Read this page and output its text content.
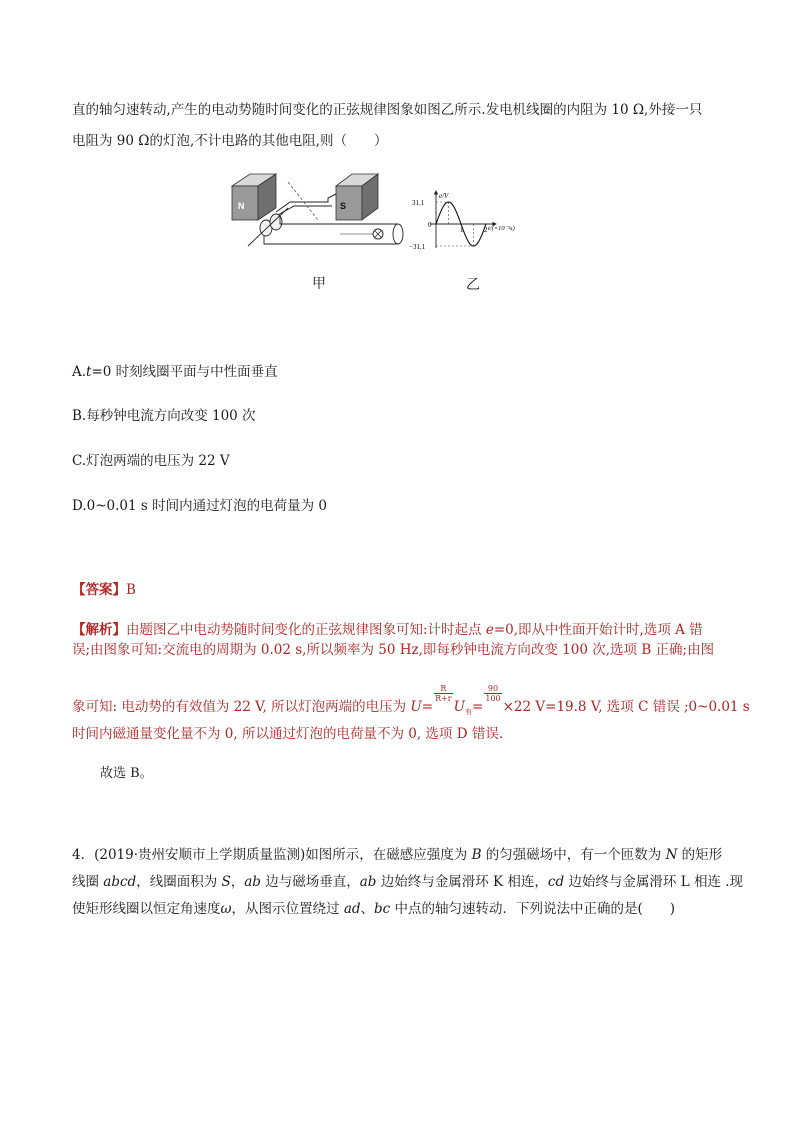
直的轴匀速转动,产生的电动势随时间变化的正弦规律图象如图乙所示.发电机线圈的内阻为 10 Ω,外接一只
电阻为 90 Ω的灯泡,不计电路的其他电阻,则（　　）
N	S
e/V
31.1
0
−31.1
1	2 t/(×10⁻²s)
甲	乙
A.t=0 时刻线圈平面与中性面垂直
B.每秒钟电流方向改变 100 次
C.灯泡两端的电压为 22 V
D.0~0.01 s 时间内通过灯泡的电荷量为 0
【答案】B
【解析】由题图乙中电动势随时间变化的正弦规律图象可知:计时起点 e=0,即从中性面开始计时,选项 A 错
误;由图象可知:交流电的周期为 0.02 s,所以频率为 50 Hz,即每秒钟电流方向改变 100 次,选项 B 正确;由图
象可知: 电动势的有效值为 22 V, 所以灯泡两端的电压为 U=
$\frac{R}{R+r}$
$U_有=$
$\frac{90}{100}$
×22 V=19.8 V, 选项 C 错误 ;0~0.01 s
时间内磁通量变化量不为 0, 所以通过灯泡的电荷量不为 0, 选项 D 错误.
故选 B。
4．(2019·贵州安顺市上学期质量监测)如图所示，在磁感应强度为 B 的匀强磁场中，有一个匝数为 N 的矩形
线圈 abcd，线圈面积为 S，ab 边与磁场垂直，ab 边始终与金属滑环 K 相连，cd 边始终与金属滑环 L 相连 .现
使矩形线圈以恒定角速度ω，从图示位置绕过 ad、bc 中点的轴匀速转动．下列说法中正确的是(　　)
